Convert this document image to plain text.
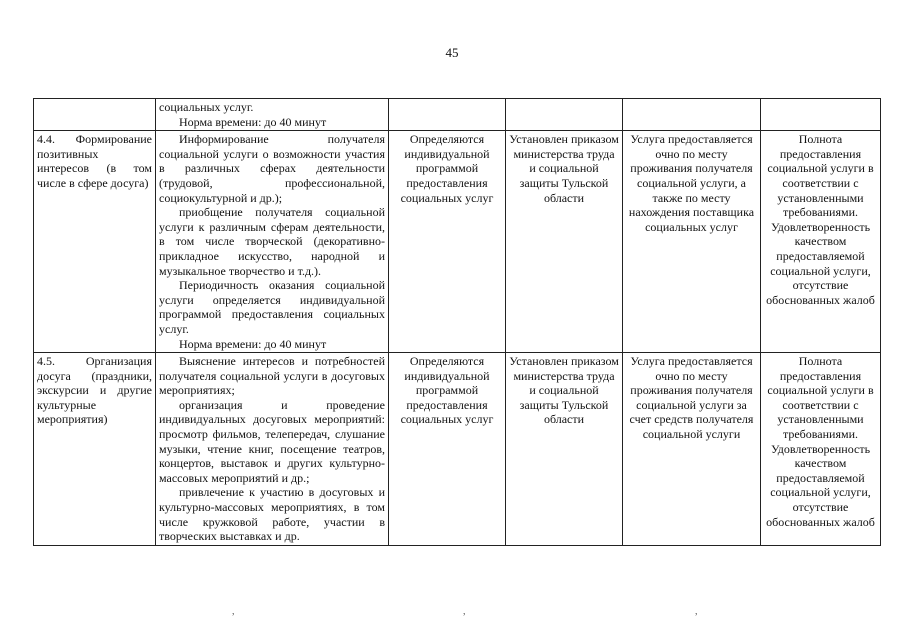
45

	социальных услуг.
Норма времени: до 40 минут				

4.4. Формирование позитивных интересов (в том числе в сфере досуга)	Информирование получателя социальной услуги о возможности участия в различных сферах деятельности (трудовой, профессиональной, социокультурной и др.);
приобщение получателя социальной услуги к различным сферам деятельности, в том числе творческой (декоративно-прикладное искусство, народной и музыкальное творчество и т.д.).
Периодичность оказания социальной услуги определяется индивидуальной программой предоставления социальных услуг.
Норма времени: до 40 минут	Определяются индивидуальной программой предоставления социальных услуг	Установлен приказом министерства труда и социальной защиты Тульской области	Услуга предоставляется очно по месту проживания получателя социальной услуги, а также по месту нахождения поставщика социальных услуг	Полнота предоставления социальной услуги в соответствии с установленными требованиями. Удовлетворенность качеством предоставляемой социальной услуги, отсутствие обоснованных жалоб
4.5. Организация досуга (праздники, экскурсии и другие культурные мероприятия)	Выяснение интересов и потребностей получателя социальной услуги в досуговых мероприятиях;
организация и проведение индивидуальных досуговых мероприятий: просмотр фильмов, телепередач, слушание музыки, чтение книг, посещение театров, концертов, выставок и других культурно-массовых мероприятий и др.;
привлечение к участию в досуговых и культурно-массовых мероприятиях, в том числе кружковой работе, участии в творческих выставках и др.	Определяются индивидуальной программой предоставления социальных услуг	Установлен приказом министерства труда и социальной защиты Тульской области	Услуга предоставляется очно по месту проживания получателя социальной услуги за счет средств получателя социальной услуги	Полнота предоставления социальной услуги в соответствии с установленными требованиями. Удовлетворенность качеством предоставляемой социальной услуги, отсутствие обоснованных жалоб
,	,	,
